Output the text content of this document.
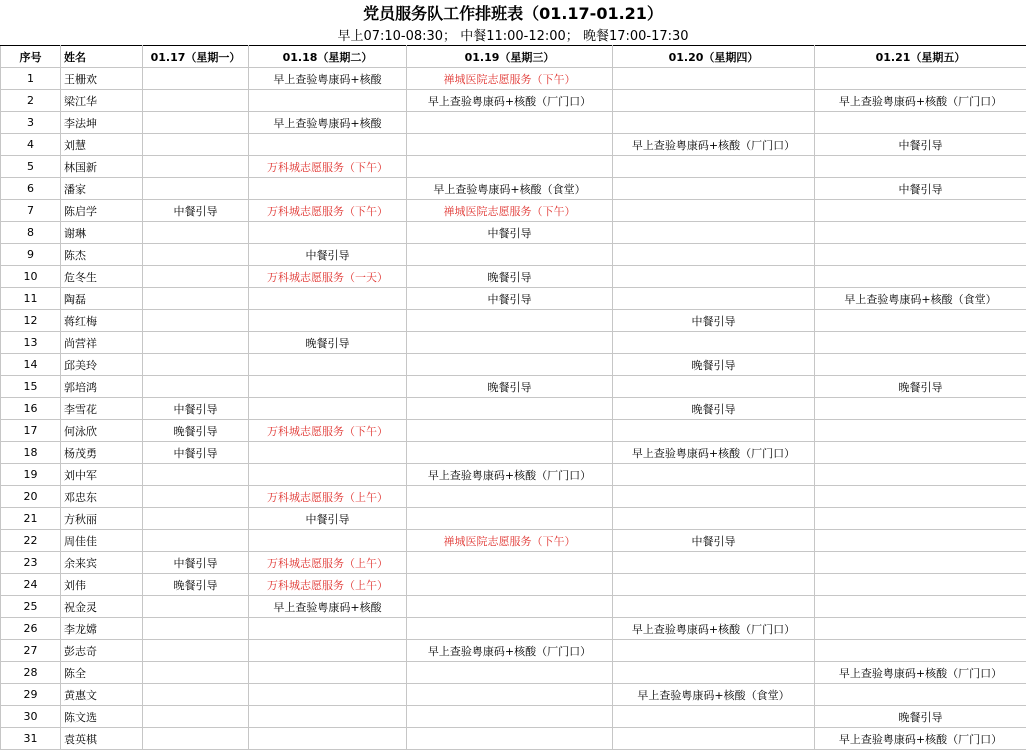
党员服务队工作排班表（01.17-01.21）
早上07:10-08:30； 中餐11:00-12:00； 晚餐17:00-17:30
序号	姓名	01.17（星期一）	01.18（星期二）	01.19（星期三）	01.20（星期四）	01.21（星期五）
1	王栅欢		早上查验粤康码+核酸	禅城医院志愿服务（下午）		
2	梁江华			早上查验粤康码+核酸（厂门口）		早上查验粤康码+核酸（厂门口）
3	李法坤		早上查验粤康码+核酸			
4	刘慧				早上查验粤康码+核酸（厂门口）	中餐引导
5	林国新		万科城志愿服务（下午）			
6	潘家			早上查验粤康码+核酸（食堂）		中餐引导
7	陈启学	中餐引导	万科城志愿服务（下午）	禅城医院志愿服务（下午）		
8	谢琳			中餐引导		
9	陈杰		中餐引导			
10	危冬生		万科城志愿服务（一天）	晚餐引导		
11	陶磊			中餐引导		早上查验粤康码+核酸（食堂）
12	蒋红梅				中餐引导	
13	尚营祥		晚餐引导			
14	邱美玲				晚餐引导	
15	郭培鸿			晚餐引导		晚餐引导
16	李雪花	中餐引导			晚餐引导	
17	何泳欣	晚餐引导	万科城志愿服务（下午）			
18	杨茂勇	中餐引导			早上查验粤康码+核酸（厂门口）	
19	刘中军			早上查验粤康码+核酸（厂门口）		
20	邓忠东		万科城志愿服务（上午）			
21	方秋丽		中餐引导			
22	周佳佳			禅城医院志愿服务（下午）	中餐引导	
23	余来宾	中餐引导	万科城志愿服务（上午）			
24	刘伟	晚餐引导	万科城志愿服务（上午）			
25	祝金灵		早上查验粤康码+核酸			
26	李龙嫦				早上查验粤康码+核酸（厂门口）	
27	彭志奇			早上查验粤康码+核酸（厂门口）		
28	陈全					早上查验粤康码+核酸（厂门口）
29	黄惠文				早上查验粤康码+核酸（食堂）	
30	陈文选					晚餐引导
31	袁英棋					早上查验粤康码+核酸（厂门口）
